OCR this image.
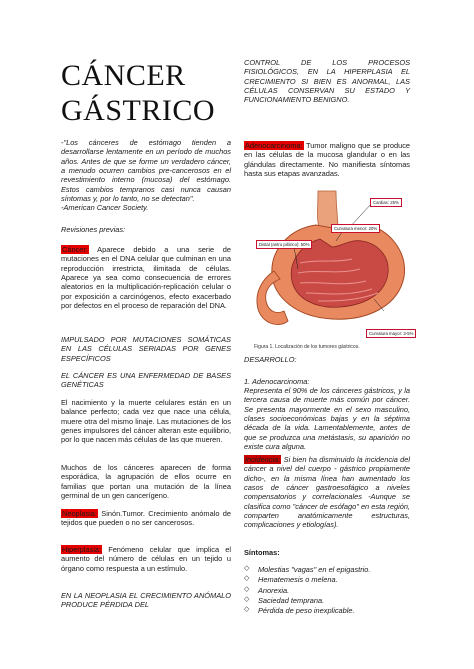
CÁNCER
GÁSTRICO
-"Los cánceres de estómago tienden a desarrollarse lentamente en un período de muchos años. Antes de que se forme un verdadero cáncer, a menudo ocurren cambios pre-cancerosos en el revestimiento interno (mucosa) del estómago. Estos cambios tempranos casi nunca causan síntomas y, por lo tanto, no se detectan".
-American Cancer Society.
Revisiones previas:
Cáncer: Aparece debido a una serie de mutaciones en el DNA celular que culminan en una reproducción irrestricta, ilimitada de células. Aparece ya sea como consecuencia de errores aleatorios en la multiplicación-replicación celular o por exposición a carcinógenos, efecto exacerbado por defectos en el proceso de reparación del DNA.
IMPULSADO POR MUTACIONES SOMÁTICAS EN LAS CÉLULAS SERIADAS POR GENES ESPECÍFICOS
EL CÁNCER ES UNA ENFERMEDAD DE BASES GENÉTICAS
El nacimiento y la muerte celulares están en un balance perfecto; cada vez que nace una célula, muere otra del mismo linaje. Las mutaciones de los genes impulsores del cáncer alteran este equilibrio, por lo que nacen más células de las que mueren.
Muchos de los cánceres aparecen de forma esporádica, la agrupación de ellos ocurre en familias que portan una mutación de la línea germinal de un gen cancerígeno.
Neoplasia: Sinón.Tumor. Crecimiento anómalo de tejidos que pueden o no ser cancerosos.
Hiperplasia: Fenómeno celular que implica el aumento del número de células en un tejido u órgano como respuesta a un estímulo.
EN LA NEOPLASIA EL CRECIMIENTO ANÓMALO PRODUCE PÉRDIDA DEL
CONTROL DE LOS PROCESOS FISIOLÓGICOS, EN LA HIPERPLASIA EL CRECIMIENTO SI BIEN ES ANORMAL, LAS CÉLULAS CONSERVAN SU ESTADO Y FUNCIONAMIENTO BENIGNO.
Adenocarcinoma: Tumor maligno que se produce en las células de la mucosa glandular o en las glándulas directamente. No manifiesta síntomas hasta sus etapas avanzadas.
Cardias: 25%
Curvatura menor: 20%
Distal (antro pilórico): 50%
Curvatura mayor: 3-5%
Figura 1. Localización de los tumores gástricos.
DESARROLLO:
1. Adenocarcinoma:
Representa el 90% de los cánceres gástricos, y la tercera causa de muerte más común por cáncer. Se presenta mayormente en el sexo masculino, clases socioeconómicas bajas y en la séptima década de la vida. Lamentablemente, antes de que se produzca una metástasis, su aparición no existe cura alguna.
Incidencia: Si bien ha disminuido la incidencia del cáncer a nivel del cuerpo - gástrico propiamente dicho-, en la misma línea han aumentado los casos de cáncer gastroesofágico a niveles compensatorios y correlacionales -Aunque se clasifica como "cáncer de esófago" en esta región, comparten anatómicamente estructuras, complicaciones y etiologías).
Síntomas:
◇ Molestias "vagas" en el epigastrio.
◇ Hematemesis o melena.
◇ Anorexia.
◇ Saciedad temprana.
◇ Pérdida de peso inexplicable.
